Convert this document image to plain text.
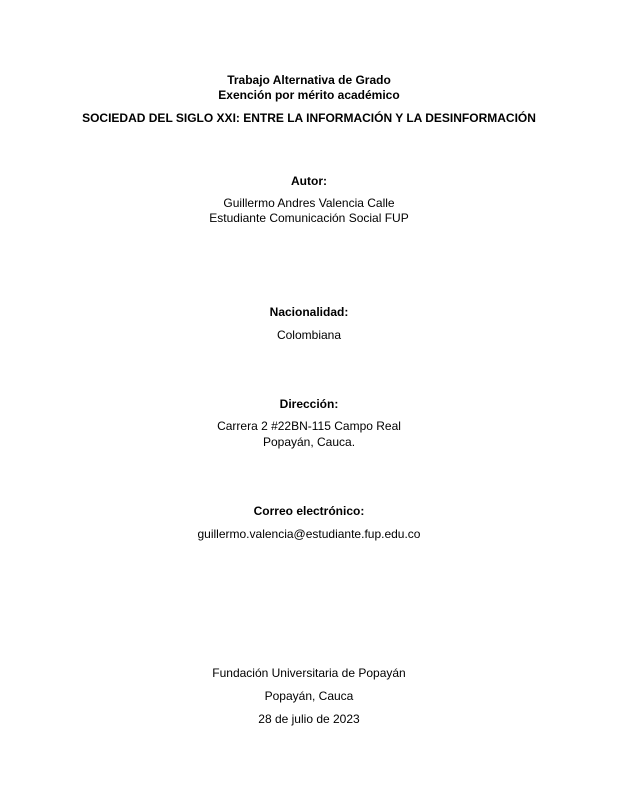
Trabajo Alternativa de Grado
Exención por mérito académico
SOCIEDAD DEL SIGLO XXI: ENTRE LA INFORMACIÓN Y LA DESINFORMACIÓN
Autor:
Guillermo Andres Valencia Calle
Estudiante Comunicación Social FUP
Nacionalidad:
Colombiana
Dirección:
Carrera 2 #22BN-115 Campo Real
Popayán, Cauca.
Correo electrónico:
guillermo.valencia@estudiante.fup.edu.co
Fundación Universitaria de Popayán
Popayán, Cauca
28 de julio de 2023
